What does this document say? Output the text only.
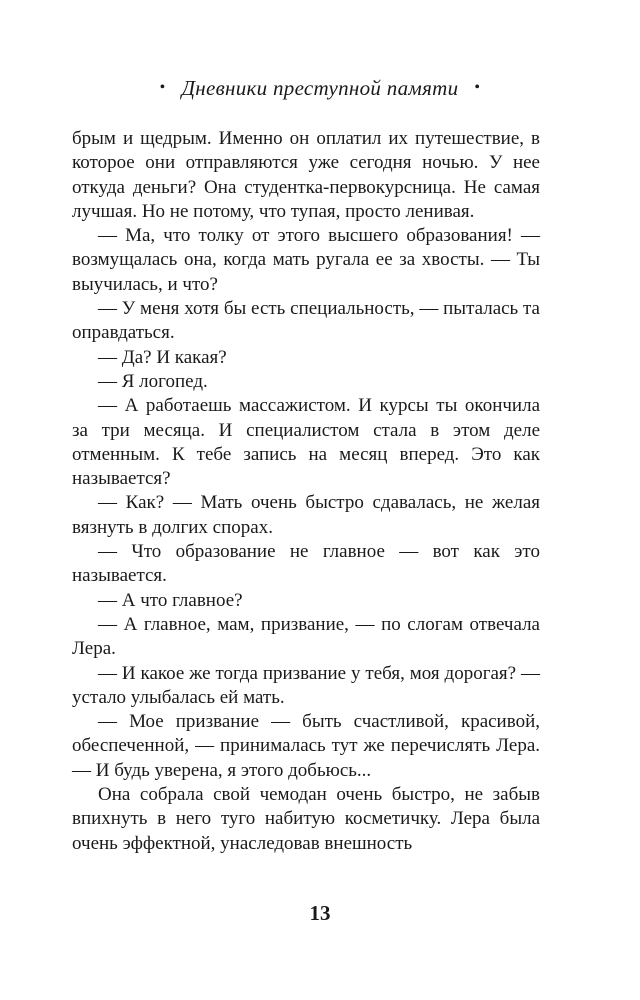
• Дневники преступной памяти •

брым и щедрым. Именно он оплатил их путешествие, в которое они отправляются уже сегодня ночью. У нее откуда деньги? Она студентка-первокурсница. Не самая лучшая. Но не потому, что тупая, просто ленивая.

— Ма, что толку от этого высшего образования! — возмущалась она, когда мать ругала ее за хвосты. — Ты выучилась, и что?

— У меня хотя бы есть специальность, — пыталась та оправдаться.

— Да? И какая?

— Я логопед.

— А работаешь массажистом. И курсы ты окончила за три месяца. И специалистом стала в этом деле отменным. К тебе запись на месяц вперед. Это как называется?

— Как? — Мать очень быстро сдавалась, не желая вязнуть в долгих спорах.

— Что образование не главное — вот как это называется.

— А что главное?

— А главное, мам, призвание, — по слогам отвечала Лера.

— И какое же тогда призвание у тебя, моя дорогая? — устало улыбалась ей мать.

— Мое призвание — быть счастливой, красивой, обеспеченной, — принималась тут же перечислять Лера. — И будь уверена, я этого добьюсь...

Она собрала свой чемодан очень быстро, не забыв впихнуть в него туго набитую косметичку. Лера была очень эффектной, унаследовав внешность

13
